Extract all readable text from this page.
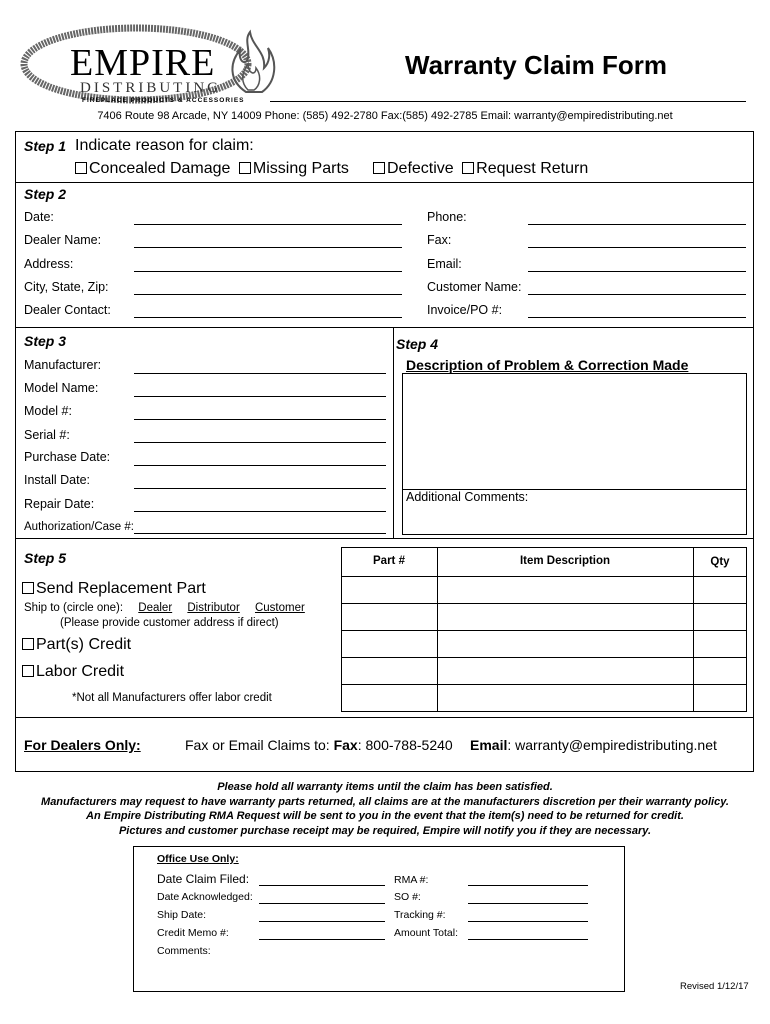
EMPIRE
DISTRIBUTING
FIREPLACE PRODUCTS & ACCESSORIES
Warranty Claim Form
7406 Route 98 Arcade, NY 14009 Phone: (585) 492-2780 Fax:(585) 492-2785 Email: warranty@empiredistributing.net
Step 1 Indicate reason for claim:
Concealed Damage Missing Parts	Defective Request Return
Step 2
Date:
Dealer Name:
Address:
City, State, Zip:
Dealer Contact:
Phone:
Fax:
Email:
Customer Name:
Invoice/PO #:
Step 3
Manufacturer:
Model Name:
Model #:
Serial #:
Purchase Date:
Install Date:
Repair Date:
Authorization/Case #:
Step 4
Description of Problem & Correction Made
Additional Comments:
Step 5
Send Replacement Part
Ship to (circle one): Dealer Distributor Customer
(Please provide customer address if direct)
Part(s) Credit
Labor Credit
*Not all Manufacturers offer labor credit
Part #	Item Description	Qty
For Dealers Only:	Fax or Email Claims to: Fax: 800-788-5240 Email: warranty@empiredistributing.net
Please hold all warranty items until the claim has been satisfied.
Manufacturers may request to have warranty parts returned, all claims are at the manufacturers discretion per their warranty policy.
An Empire Distributing RMA Request will be sent to you in the event that the item(s) need to be returned for credit.
Pictures and customer purchase receipt may be required, Empire will notify you if they are necessary.
Office Use Only:
Date Claim Filed:
Date Acknowledged:
Ship Date:
Credit Memo #:
Comments:
RMA #:
SO #:
Tracking #:
Amount Total:
Revised 1/12/17
